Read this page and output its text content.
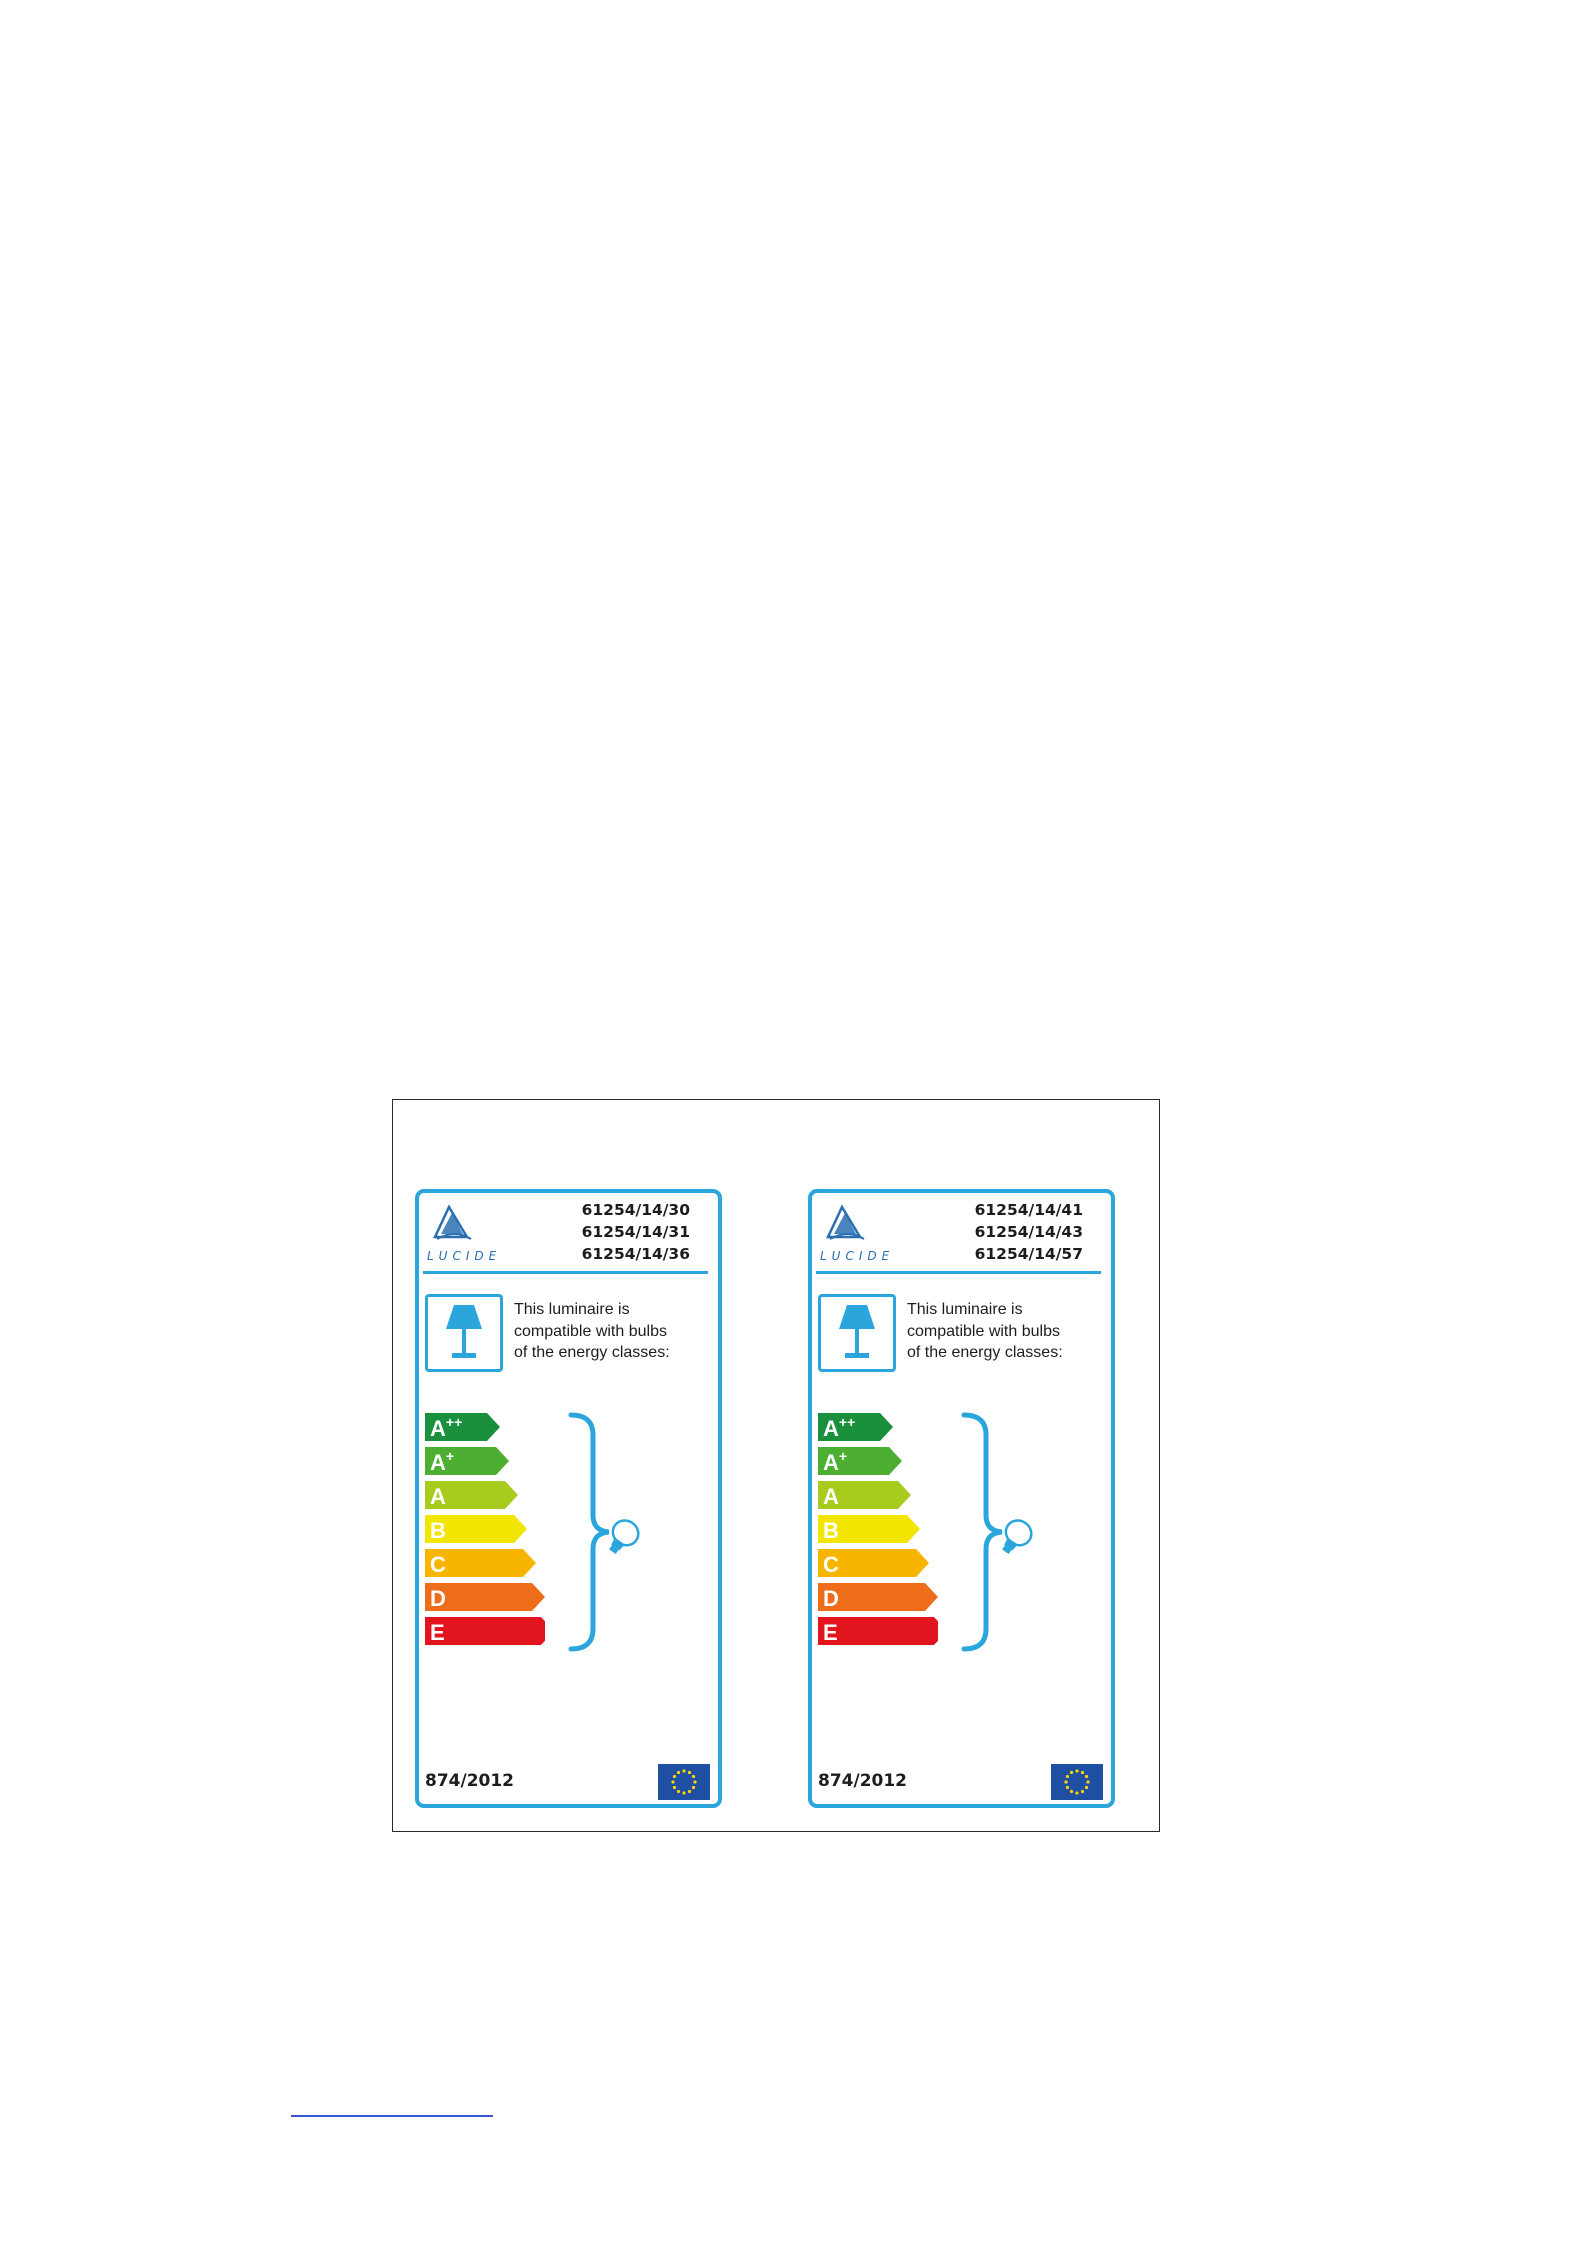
LUCIDE
61254/14/30
61254/14/31
61254/14/36

This luminaire is
compatible with bulbs
of the energy classes:

A++
A+
A
B
C
D
E
874/2012
LUCIDE
61254/14/41
61254/14/43
61254/14/57

This luminaire is
compatible with bulbs
of the energy classes:

A++
A+
A
B
C
D
E
874/2012
